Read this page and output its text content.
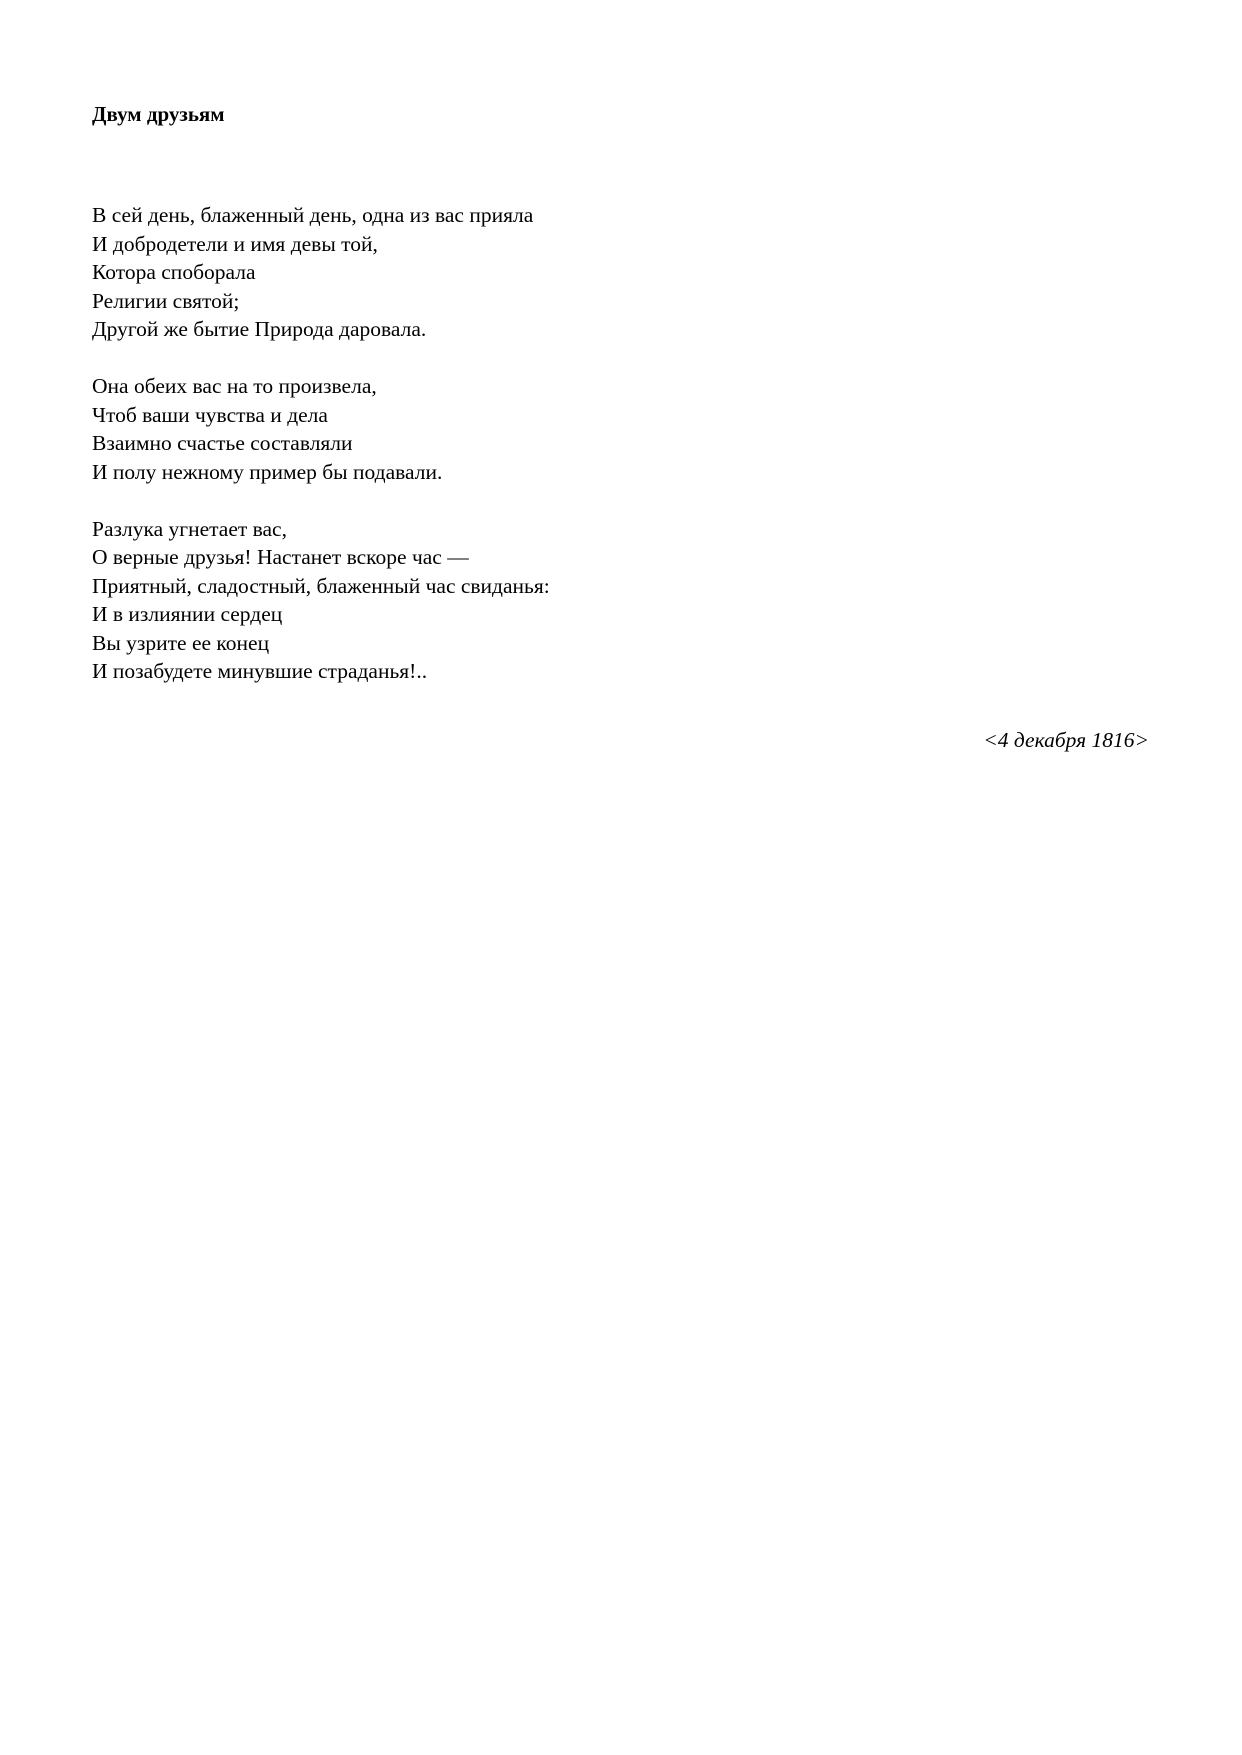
Двум друзьям
В сей день, блаженный день, одна из вас прияла
И добродетели и имя девы той,
Котора споборала
Религии святой;
Другой же бытие Природа даровала.
Она обеих вас на то произвела,
Чтоб ваши чувства и дела
Взаимно счастье составляли
И полу нежному пример бы подавали.
Разлука угнетает вас,
О верные друзья! Настанет вскоре час —
Приятный, сладостный, блаженный час свиданья:
И в излиянии сердец
Вы узрите ее конец
И позабудете минувшие страданья!..
<4 декабря 1816>
